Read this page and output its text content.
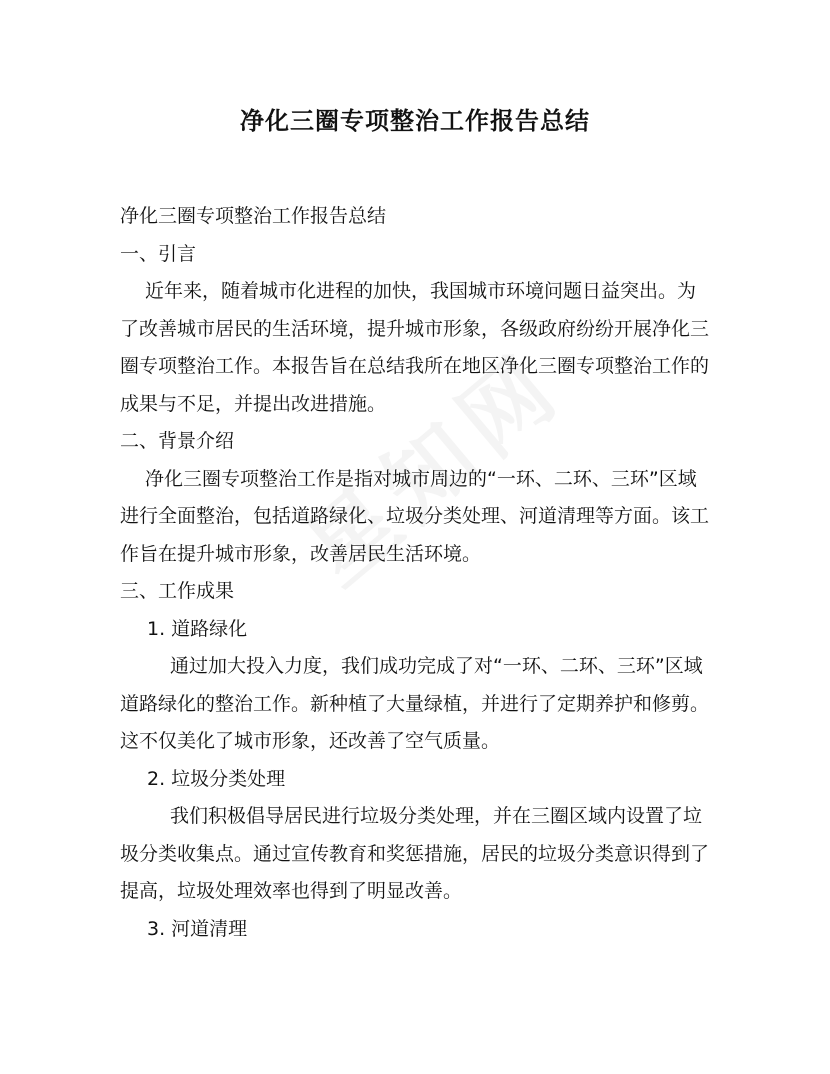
净化三圈专项整治工作报告总结

净化三圈专项整治工作报告总结

一、引言

近年来，随着城市化进程的加快，我国城市环境问题日益突出。为了改善城市居民的生活环境，提升城市形象，各级政府纷纷开展净化三圈专项整治工作。本报告旨在总结我所在地区净化三圈专项整治工作的成果与不足，并提出改进措施。

二、背景介绍

净化三圈专项整治工作是指对城市周边的“一环、二环、三环”区域进行全面整治，包括道路绿化、垃圾分类处理、河道清理等方面。该工作旨在提升城市形象，改善居民生活环境。

三、工作成果

1. 道路绿化

通过加大投入力度，我们成功完成了对“一环、二环、三环”区域道路绿化的整治工作。新种植了大量绿植，并进行了定期养护和修剪。这不仅美化了城市形象，还改善了空气质量。

2. 垃圾分类处理

我们积极倡导居民进行垃圾分类处理，并在三圈区域内设置了垃圾分类收集点。通过宣传教育和奖惩措施，居民的垃圾分类意识得到了提高，垃圾处理效率也得到了明显改善。

3. 河道清理
